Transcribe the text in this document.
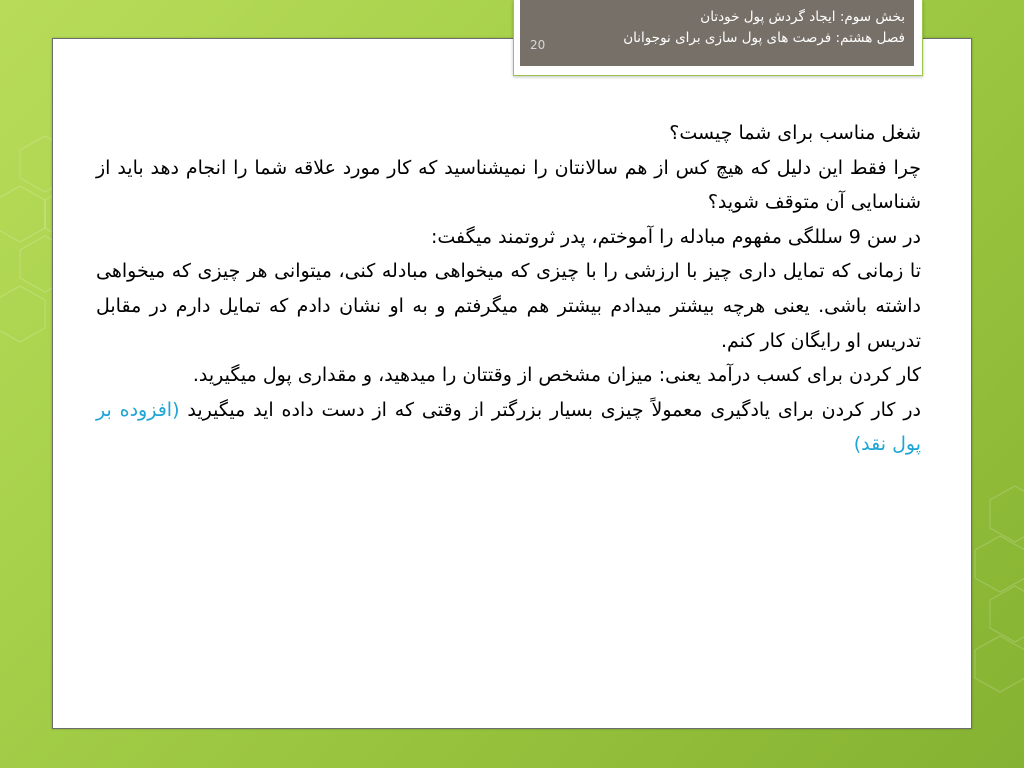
بخش سوم: ایجاد گردش پول خودتان
فصل هشتم: فرصت های پول سازی برای نوجوانان
20

شغل مناسب برای شما چیست؟

چرا فقط این دلیل که هیچ کس از هم سالانتان را نمیشناسید که کار مورد علاقه شما را انجام دهد باید از شناسایی آن متوقف شوید؟

در سن 9 سللگی مفهوم مبادله را آموختم، پدر ثروتمند میگفت:

تا زمانی که تمایل داری چیز با ارزشی را با چیزی که میخواهی مبادله کنی، میتوانی هر چیزی که میخواهی داشته باشی. یعنی هرچه بیشتر میدادم بیشتر هم میگرفتم و به او نشان دادم که تمایل دارم در مقابل تدریس او رایگان کار کنم.

کار کردن برای کسب درآمد یعنی: میزان مشخص از وقتتان را میدهید، و مقداری پول میگیرید.

در کار کردن برای یادگیری معمولاً چیزی بسیار بزرگتر از وقتی که از دست داده اید میگیرید (افزوده بر پول نقد)
